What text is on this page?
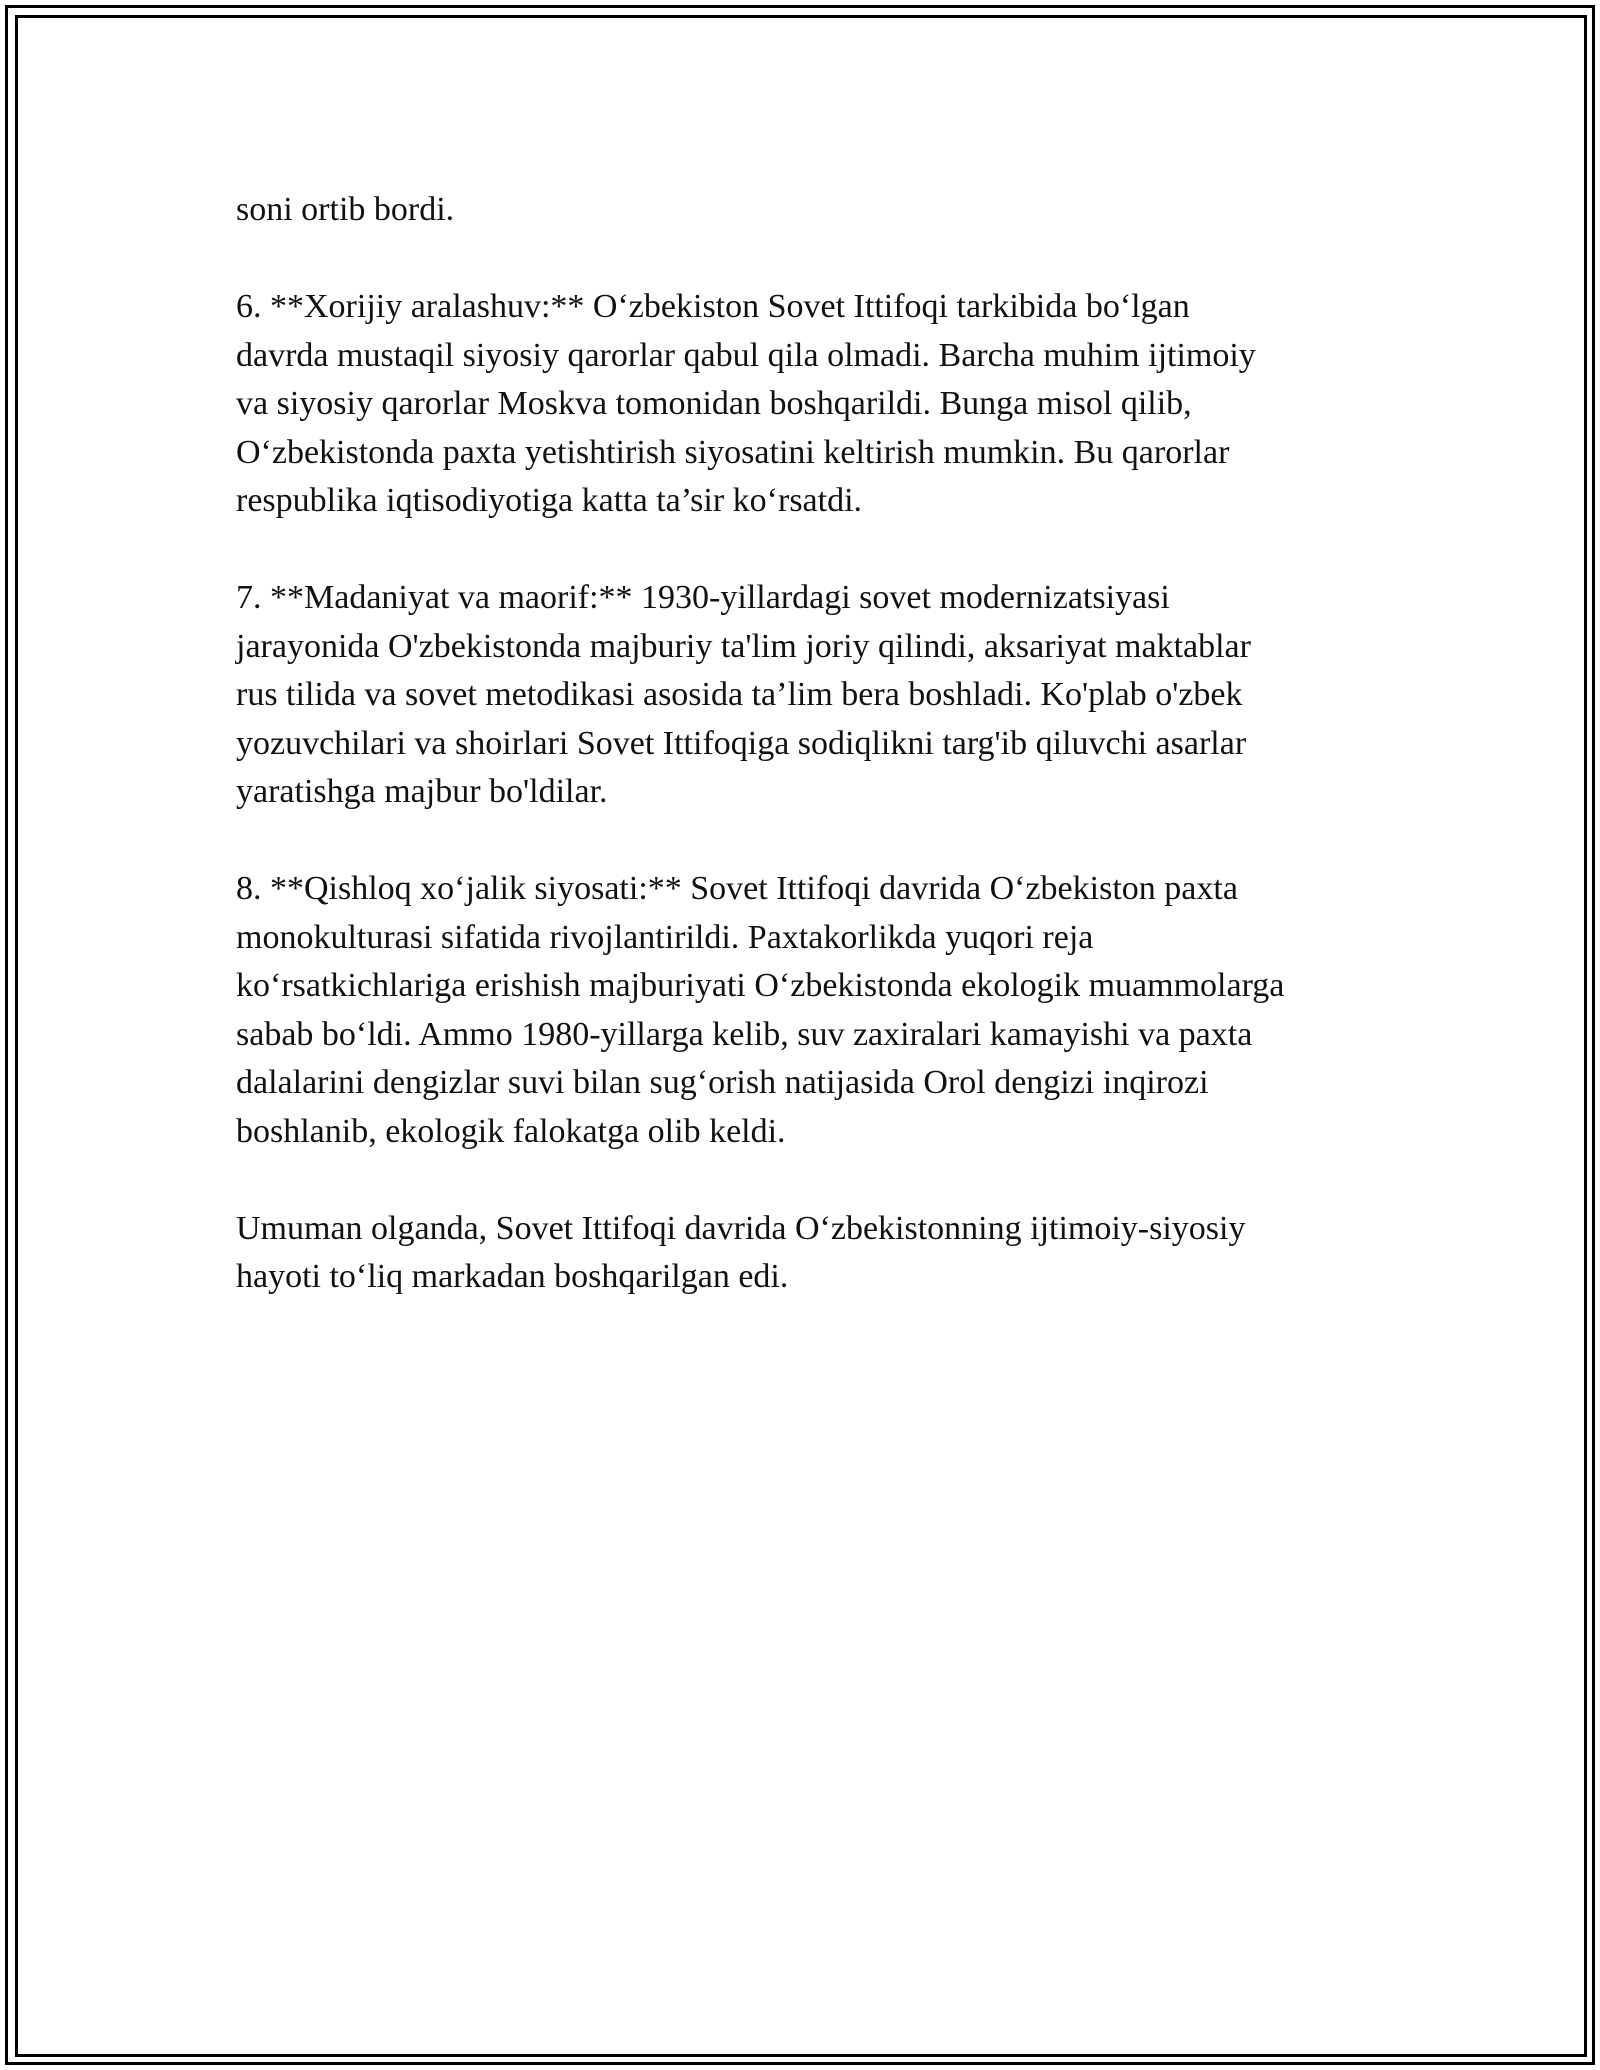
soni ortib bordi.

6. **Xorijiy aralashuv:** O‘zbekiston Sovet Ittifoqi tarkibida bo‘lgan
davrda mustaqil siyosiy qarorlar qabul qila olmadi. Barcha muhim ijtimoiy
va siyosiy qarorlar Moskva tomonidan boshqarildi. Bunga misol qilib,
O‘zbekistonda paxta yetishtirish siyosatini keltirish mumkin. Bu qarorlar
respublika iqtisodiyotiga katta ta’sir ko‘rsatdi.

7. **Madaniyat va maorif:** 1930-yillardagi sovet modernizatsiyasi
jarayonida O'zbekistonda majburiy ta'lim joriy qilindi, aksariyat maktablar
rus tilida va sovet metodikasi asosida ta’lim bera boshladi. Ko'plab o'zbek
yozuvchilari va shoirlari Sovet Ittifoqiga sodiqlikni targ'ib qiluvchi asarlar
yaratishga majbur bo'ldilar.

8. **Qishloq xo‘jalik siyosati:** Sovet Ittifoqi davrida O‘zbekiston paxta
monokulturasi sifatida rivojlantirildi. Paxtakorlikda yuqori reja
ko‘rsatkichlariga erishish majburiyati O‘zbekistonda ekologik muammolarga
sabab bo‘ldi. Ammo 1980-yillarga kelib, suv zaxiralari kamayishi va paxta
dalalarini dengizlar suvi bilan sug‘orish natijasida Orol dengizi inqirozi
boshlanib, ekologik falokatga olib keldi.

Umuman olganda, Sovet Ittifoqi davrida O‘zbekistonning ijtimoiy-siyosiy
hayoti to‘liq markadan boshqarilgan edi.
